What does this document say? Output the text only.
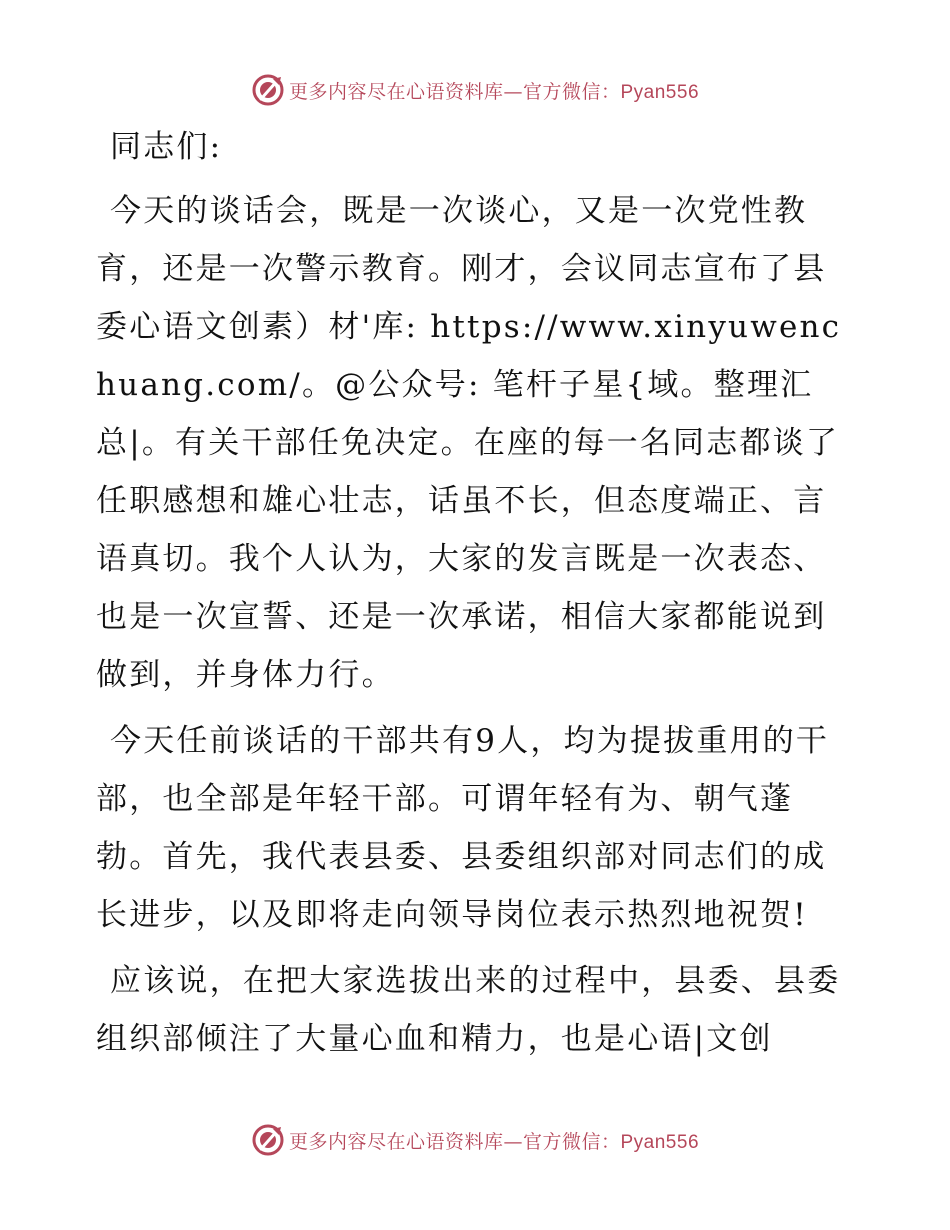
更多内容尽在心语资料库—官方微信：Pyan556

同志们:

今天的谈话会，既是一次谈心，又是一次党性教育，还是一次警示教育。刚才，会议同志宣布了县委心语文创素）材'库: https://www.xinyuwenchuang.com/。@公众号: 笔杆子星{域。整理汇总|。有关干部任免决定。在座的每一名同志都谈了任职感想和雄心壮志，话虽不长，但态度端正、言语真切。我个人认为，大家的发言既是一次表态、也是一次宣誓、还是一次承诺，相信大家都能说到做到，并身体力行。

今天任前谈话的干部共有9人，均为提拔重用的干部，也全部是年轻干部。可谓年轻有为、朝气蓬勃。首先，我代表县委、县委组织部对同志们的成长进步，以及即将走向领导岗位表示热烈地祝贺!

应该说，在把大家选拔出来的过程中，县委、县委组织部倾注了大量心血和精力，也是心语|文创

更多内容尽在心语资料库—官方微信：Pyan556
